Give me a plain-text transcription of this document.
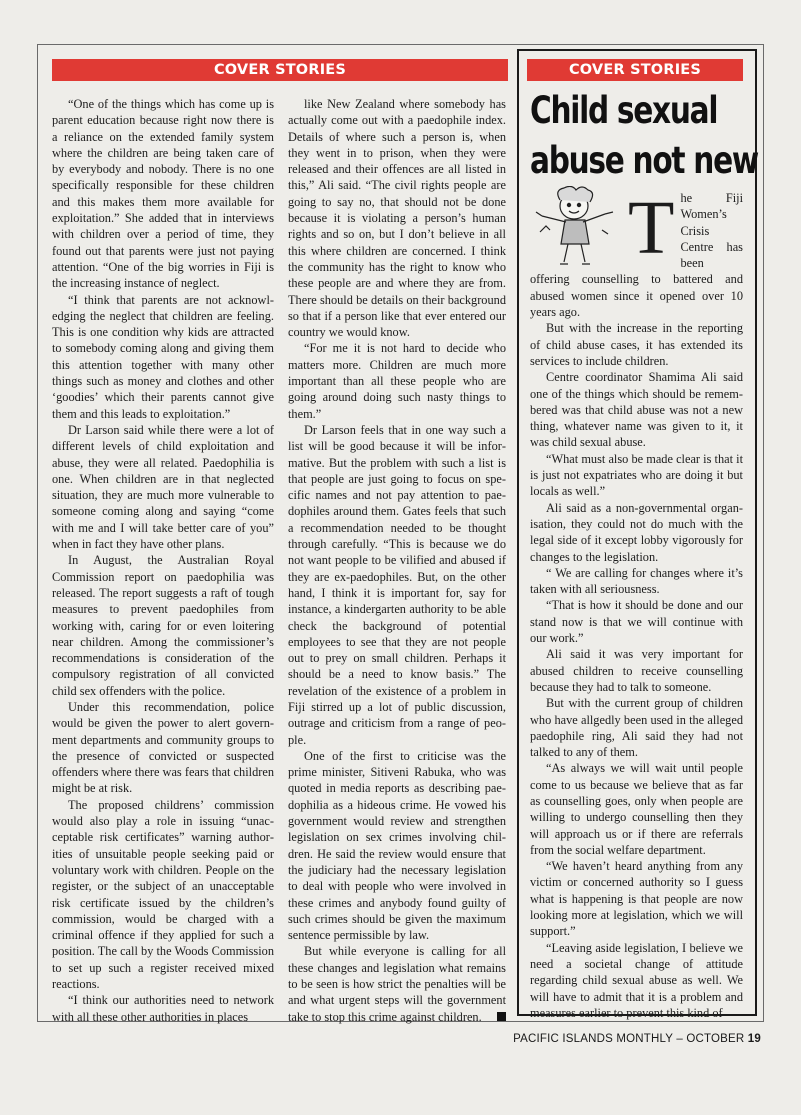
COVER STORIES	COVER STORIES

“One of the things which has come up is parent education because right now there is a reliance on the extended family system where the children are being taken care of by everybody and nobody. There is no one specifically responsible for these children and this makes them more available for exploitation.” She added that in interviews with children over a period of time, they found out that parents were just not paying attention. “One of the big worries in Fiji is the increasing instance of neglect.

“I think that parents are not acknowledging the neglect that children are feeling. This is one condition why kids are attracted to somebody coming along and giving them this attention together with many other things such as money and clothes and other ‘goodies’ which their parents cannot give them and this leads to exploitation.”

Dr Larson said while there were a lot of different levels of child exploitation and abuse, they were all related. Paedophilia is one. When children are in that neglected situation, they are much more vulnerable to someone coming along and saying “come with me and I will take better care of you” when in fact they have other plans.

In August, the Australian Royal Commission report on paedophilia was released. The report suggests a raft of tough measures to prevent paedophiles from working with, caring for or even loitering near children. Among the commissioner’s recommendations is consideration of the compulsory registration of all convicted child sex offenders with the police.

Under this recommendation, police would be given the power to alert government departments and community groups to the presence of convicted or suspected offenders where there was fears that children might be at risk.

The proposed childrens’ commission would also play a role in issuing “unacceptable risk certificates” warning authorities of unsuitable people seeking paid or voluntary work with children. People on the register, or the subject of an unacceptable risk certificate issued by the children’s commission, would be charged with a criminal offence if they applied for such a position. The call by the Woods Commission to set up such a register received mixed reactions.

“I think our authorities need to network with all these other authorities in places

like New Zealand where somebody has actually come out with a paedophile index. Details of where such a person is, when they went in to prison, when they were released and their offences are all listed in this,” Ali said. “The civil rights people are going to say no, that should not be done because it is violating a person’s human rights and so on, but I don’t believe in all this where children are concerned. I think the community has the right to know who these people are and where they are from. There should be details on their background so that if a person like that ever entered our country we would know.

“For me it is not hard to decide who matters more. Children are much more important than all these people who are going around doing such nasty things to them.”

Dr Larson feels that in one way such a list will be good because it will be informative. But the problem with such a list is that people are just going to focus on specific names and not pay attention to paedophiles around them. Gates feels that such a recommendation needed to be thought through carefully. “This is because we do not want people to be vilified and abused if they are ex-paedophiles. But, on the other hand, I think it is important for, say for instance, a kindergarten authority to be able check the background of potential employees to see that they are not people out to prey on small children. Perhaps it should be a need to know basis.” The revelation of the existence of a problem in Fiji stirred up a lot of public discussion, outrage and criticism from a range of people.

One of the first to criticise was the prime minister, Sitiveni Rabuka, who was quoted in media reports as describing paedophilia as a hideous crime. He vowed his government would review and strengthen legislation on sex crimes involving children. He said the review would ensure that the judiciary had the necessary legislation to deal with people who were involved in these crimes and anybody found guilty of such crimes should be given the maximum sentence permissible by law.

But while everyone is calling for all these changes and legislation what remains to be seen is how strict the penalties will be and what urgent steps will the government take to stop this crime against children.

Child sexual
abuse not new
T he Fiji Women’s Crisis Centre has been offering counselling to battered and abused women since it opened over 10 years ago.

But with the increase in the reporting of child abuse cases, it has extended its services to include children.

Centre coordinator Shamima Ali said one of the things which should be remembered was that child abuse was not a new thing, whatever name was given to it, it was child sexual abuse.

“What must also be made clear is that it is just not expatriates who are doing it but locals as well.”

Ali said as a non-governmental organisation, they could not do much with the legal side of it except lobby vigorously for changes to the legislation.

“ We are calling for changes where it’s taken with all seriousness.

“That is how it should be done and our stand now is that we will continue with our work.”

Ali said it was very important for abused children to receive counselling because they had to talk to someone.

But with the current group of children who have allgedly been used in the alleged paedophile ring, Ali said they had not talked to any of them.

“As always we will wait until people come to us because we believe that as far as counselling goes, only when people are willing to undergo counselling then they will approach us or if there are referrals from the social welfare department.

“We haven’t heard anything from any victim or concerned authority so I guess what is happening is that people are now looking more at legislation, which we will support.”

“Leaving aside legislation, I believe we need a societal change of attitude regarding child sexual abuse as well. We will have to admit that it is a problem and measures earlier to prevent this kind of

PACIFIC ISLANDS MONTHLY – OCTOBER 19
